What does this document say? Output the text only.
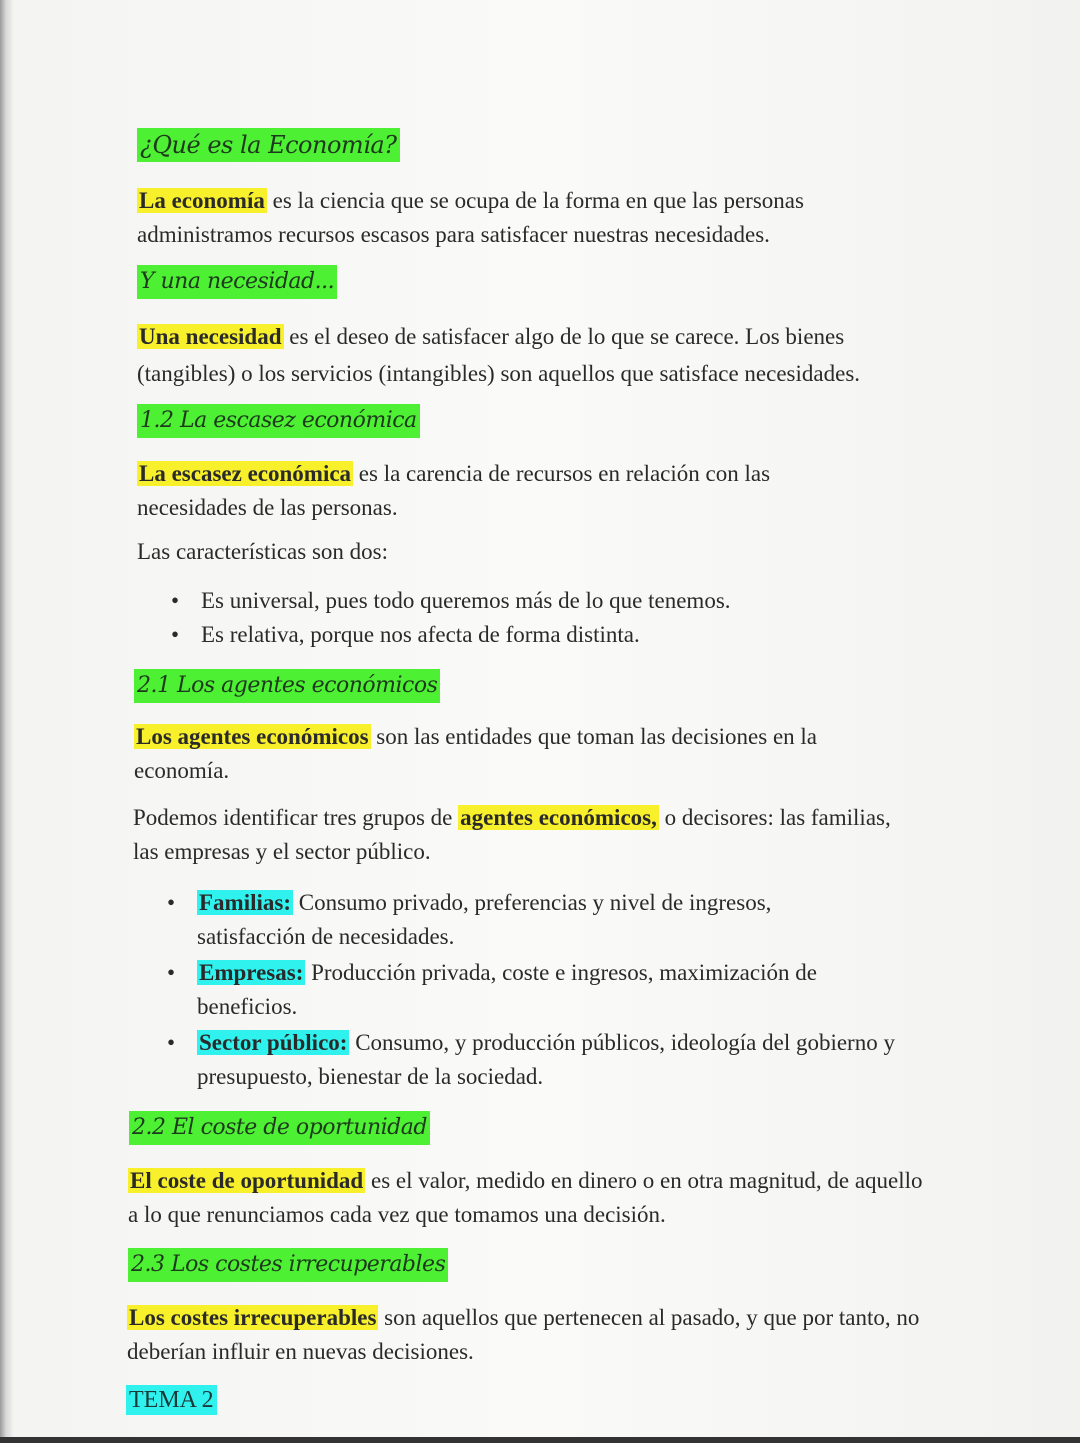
¿Qué es la Economía?
La economía es la ciencia que se ocupa de la forma en que las personas administramos recursos escasos para satisfacer nuestras necesidades.
Y una necesidad...
Una necesidad es el deseo de satisfacer algo de lo que se carece. Los bienes (tangibles) o los servicios (intangibles) son aquellos que satisface necesidades.
1.2 La escasez económica
La escasez económica es la carencia de recursos en relación con las necesidades de las personas.
Las características son dos:
• Es universal, pues todo queremos más de lo que tenemos.
• Es relativa, porque nos afecta de forma distinta.
2.1 Los agentes económicos
Los agentes económicos son las entidades que toman las decisiones en la economía.
Podemos identificar tres grupos de agentes económicos, o decisores: las familias, las empresas y el sector público.
• Familias: Consumo privado, preferencias y nivel de ingresos, satisfacción de necesidades.
• Empresas: Producción privada, coste e ingresos, maximización de beneficios.
• Sector público: Consumo, y producción públicos, ideología del gobierno y presupuesto, bienestar de la sociedad.
2.2 El coste de oportunidad
El coste de oportunidad es el valor, medido en dinero o en otra magnitud, de aquello a lo que renunciamos cada vez que tomamos una decisión.
2.3 Los costes irrecuperables
Los costes irrecuperables son aquellos que pertenecen al pasado, y que por tanto, no deberían influir en nuevas decisiones.
TEMA 2
